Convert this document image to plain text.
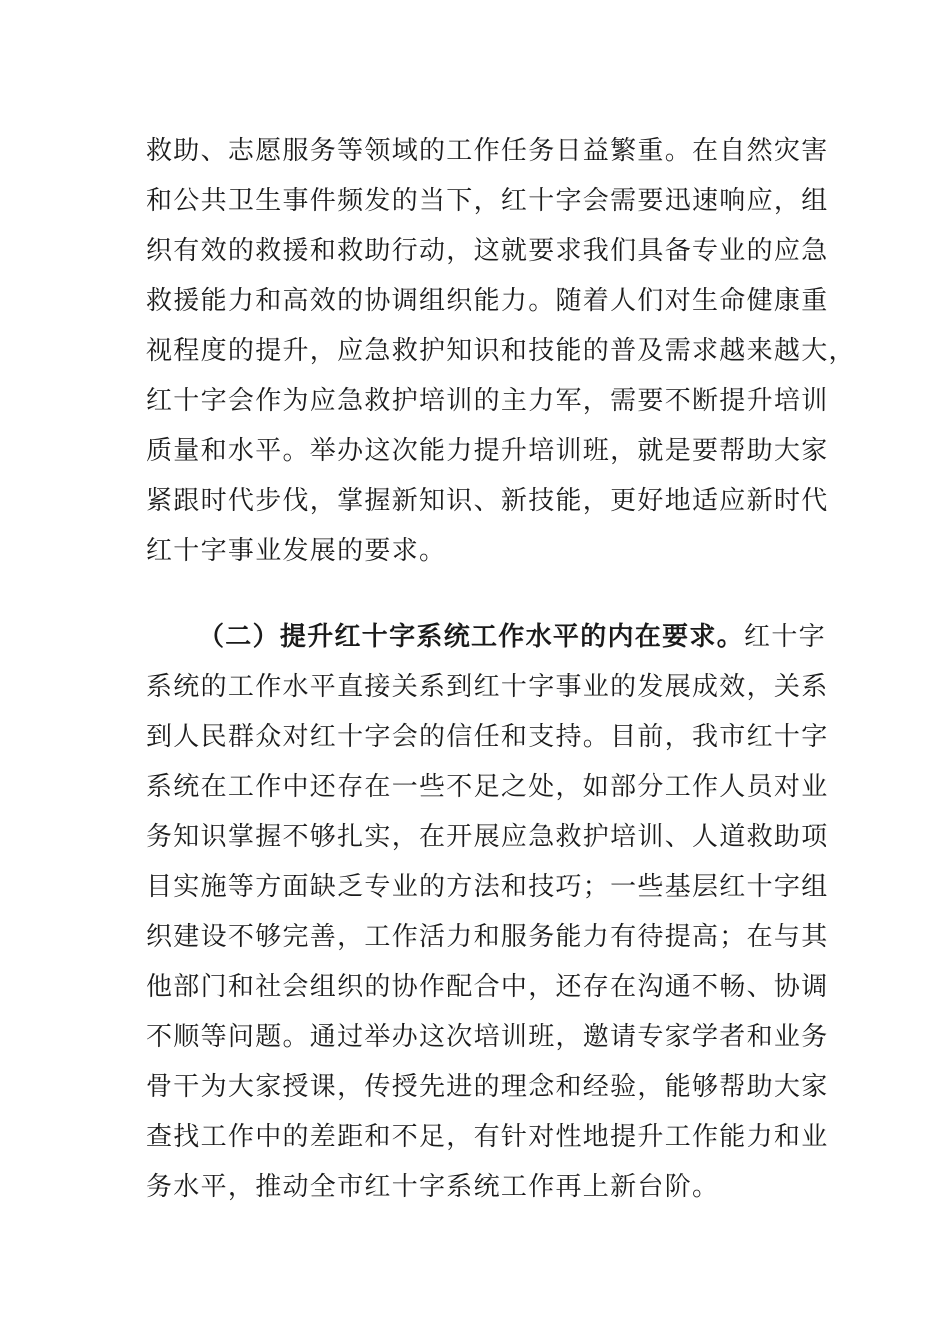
救助、志愿服务等领域的工作任务日益繁重。在自然灾害
和公共卫生事件频发的当下，红十字会需要迅速响应，组
织有效的救援和救助行动，这就要求我们具备专业的应急
救援能力和高效的协调组织能力。随着人们对生命健康重
视程度的提升，应急救护知识和技能的普及需求越来越大，
红十字会作为应急救护培训的主力军，需要不断提升培训
质量和水平。举办这次能力提升培训班，就是要帮助大家
紧跟时代步伐，掌握新知识、新技能，更好地适应新时代
红十字事业发展的要求。
（二）提升红十字系统工作水平的内在要求。红十字
系统的工作水平直接关系到红十字事业的发展成效，关系
到人民群众对红十字会的信任和支持。目前，我市红十字
系统在工作中还存在一些不足之处，如部分工作人员对业
务知识掌握不够扎实，在开展应急救护培训、人道救助项
目实施等方面缺乏专业的方法和技巧；一些基层红十字组
织建设不够完善，工作活力和服务能力有待提高；在与其
他部门和社会组织的协作配合中，还存在沟通不畅、协调
不顺等问题。通过举办这次培训班，邀请专家学者和业务
骨干为大家授课，传授先进的理念和经验，能够帮助大家
查找工作中的差距和不足，有针对性地提升工作能力和业
务水平，推动全市红十字系统工作再上新台阶。
